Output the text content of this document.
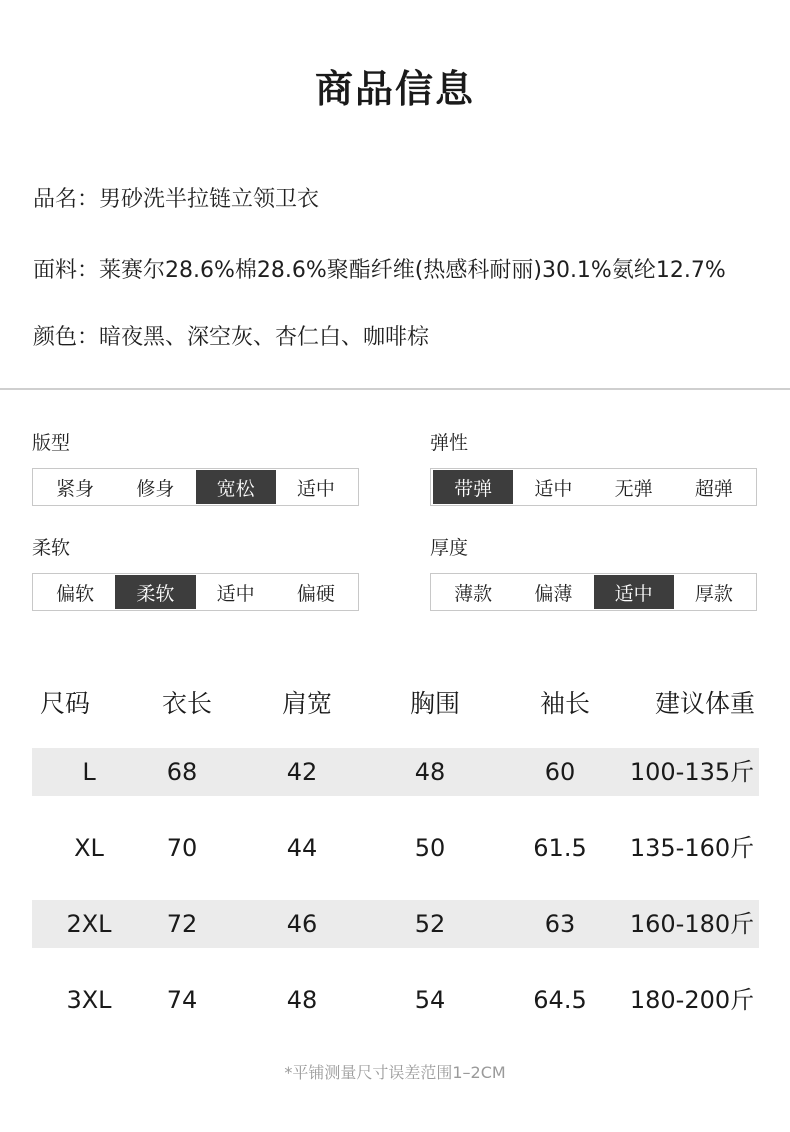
商品信息
品名：男砂洗半拉链立领卫衣
面料：莱赛尔28.6%棉28.6%聚酯纤维(热感科耐丽)30.1%氨纶12.7%
颜色：暗夜黑、深空灰、杏仁白、咖啡棕
版型
紧身	修身	宽松	适中
弹性
带弹	适中	无弹	超弹
柔软
偏软	柔软	适中	偏硬
厚度
薄款	偏薄	适中	厚款
尺码	衣长	肩宽	胸围	袖长	建议体重
L	68	42	48	60	100-135斤
XL	70	44	50	61.5	135-160斤
2XL	72	46	52	63	160-180斤
3XL	74	48	54	64.5	180-200斤
*平铺测量尺寸误差范围1–2CM
